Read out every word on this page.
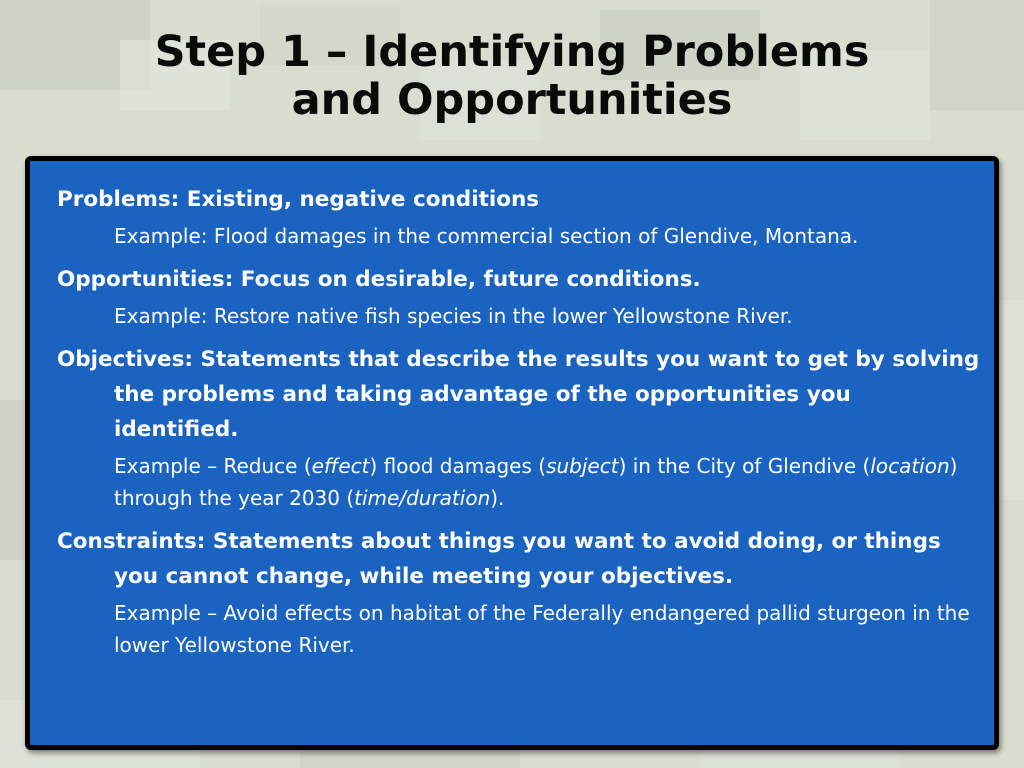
Step 1 – Identifying Problems
and Opportunities
Problems: Existing, negative conditions
Example: Flood damages in the commercial section of Glendive, Montana.
Opportunities: Focus on desirable, future conditions.
Example: Restore native fish species in the lower Yellowstone River.
Objectives: Statements that describe the results you want to get by solving the problems and taking advantage of the opportunities you identified.
Example – Reduce (effect) flood damages (subject) in the City of Glendive (location) through the year 2030 (time/duration).
Constraints: Statements about things you want to avoid doing, or things you cannot change, while meeting your objectives.
Example – Avoid effects on habitat of the Federally endangered pallid sturgeon in the lower Yellowstone River.
